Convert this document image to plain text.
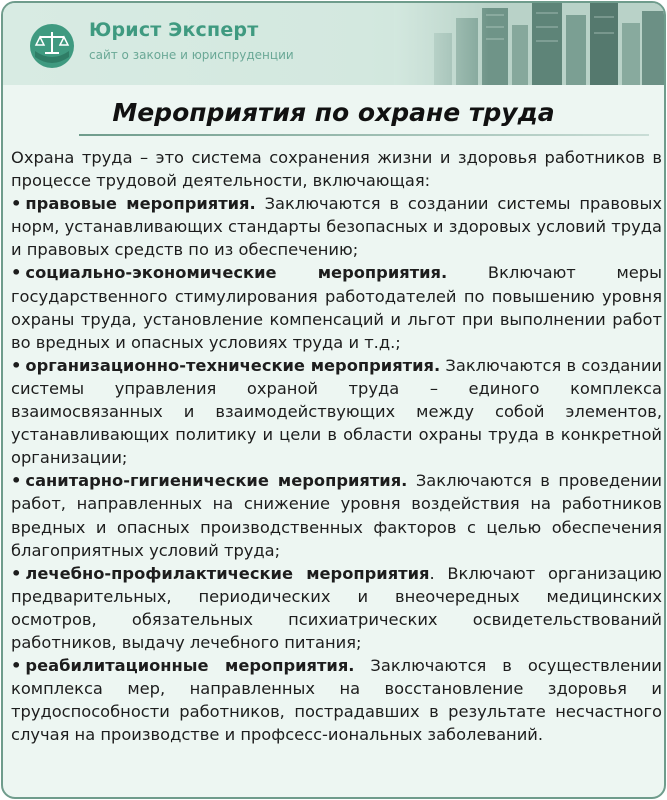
Юрист Эксперт
сайт о законе и юриспруденции
Мероприятия по охране труда

Охрана труда – это система сохранения жизни и здоровья работников в процессе трудовой деятельности, включающая:

• правовые мероприятия. Заключаются в создании системы правовых норм, устанавливающих стандарты безопасных и здоровых условий труда и правовых средств по из обеспечению;

• социально-экономические мероприятия. Включают меры государственного стимулирования работодателей по повышению уровня охраны труда, установление компенсаций и льгот при выполнении работ во вредных и опасных условиях труда и т.д.;

• организационно-технические мероприятия. Заключаются в создании системы управления охраной труда – единого комплекса взаимосвязанных и взаимодействующих между собой элементов, устанавливающих политику и цели в области охраны труда в конкретной организации;

• санитарно-гигиенические мероприятия. Заключаются в проведении работ, направленных на снижение уровня воздействия на работников вредных и опасных производственных факторов с целью обеспечения благоприятных условий труда;

• лечебно-профилактические мероприятия. Включают организацию предварительных, периодических и внеочередных медицинских осмотров, обязательных психиатрических освидетельствований работников, выдачу лечебного питания;

• реабилитационные мероприятия. Заключаются в осуществлении комплекса мер, направленных на восстановление здоровья и трудоспособности работников, пострадавших в результате несчастного случая на производстве и профсесс-иональных заболеваний.
